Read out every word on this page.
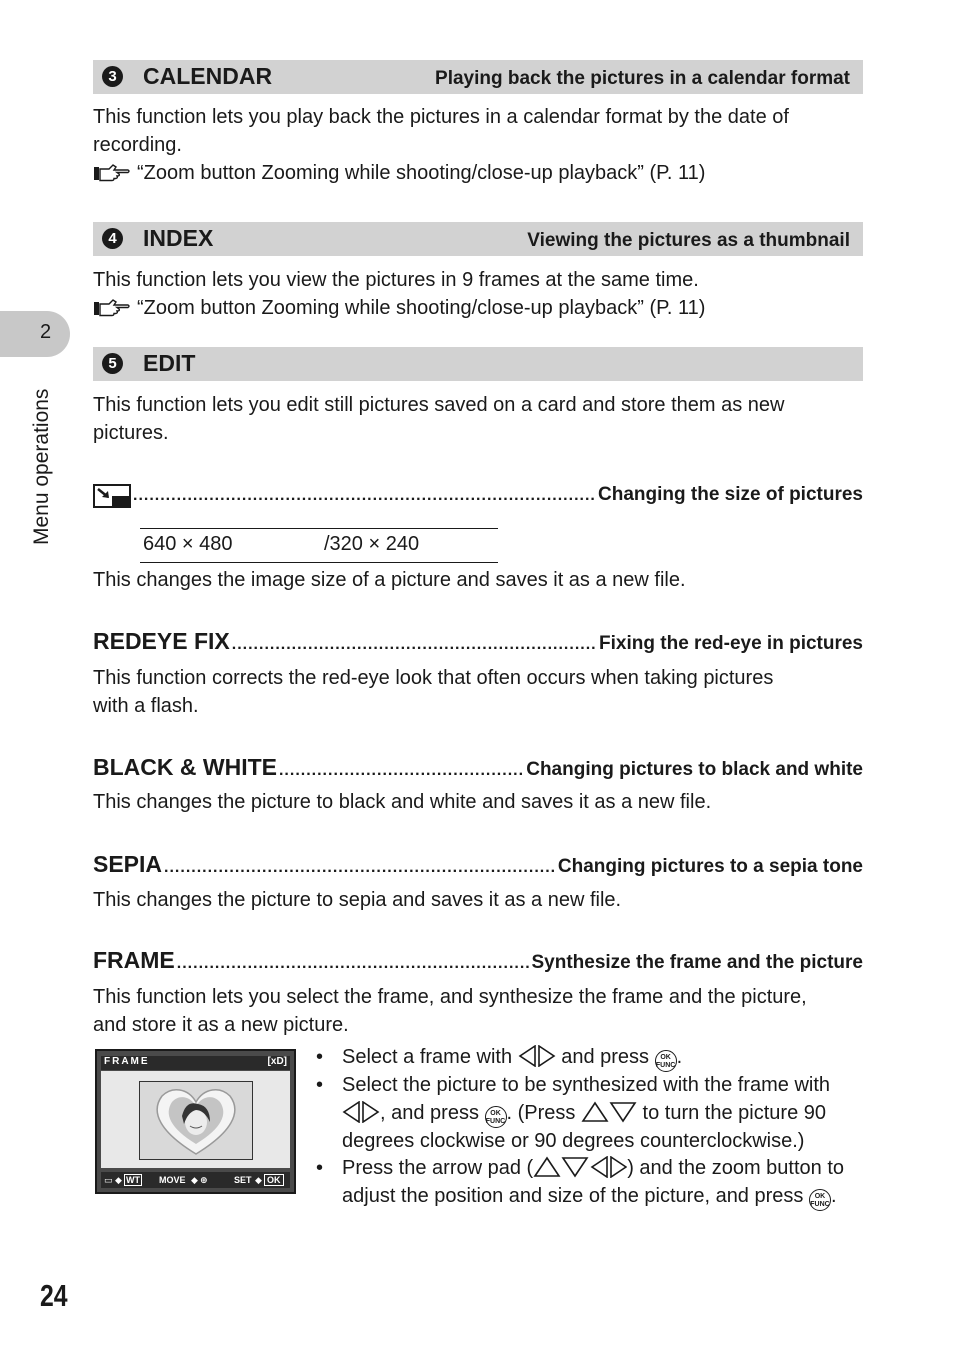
2
Menu operations
3 CALENDAR	Playing back the pictures in a calendar format
This function lets you play back the pictures in a calendar format by the date of
recording.
“Zoom button Zooming while shooting/close-up playback” (P. 11)
4 INDEX	Viewing the pictures as a thumbnail
This function lets you view the pictures in 9 frames at the same time.
“Zoom button Zooming while shooting/close-up playback” (P. 11)
5 EDIT
This function lets you edit still pictures saved on a card and store them as new
pictures.
.....
Changing the size of pictures
640 × 480	/320 × 240
This changes the image size of a picture and saves it as a new file.
REDEYE FIX .....	Fixing the red-eye in pictures
This function corrects the red-eye look that often occurs when taking pictures
with a flash.
BLACK & WHITE .....	Changing pictures to black and white
This changes the picture to black and white and saves it as a new file.
SEPIA .....	Changing pictures to a sepia tone
This changes the picture to sepia and saves it as a new file.
FRAME .....	Synthesize the frame and the picture
This function lets you select the frame, and synthesize the frame and the picture,
and store it as a new picture.
FRAME	[xD]
▭ ◆ WT MOVE ◆ ⊕	SET ◆ OK
• Select a frame with and press OK
FUNC.
• Select the picture to be synthesized with the frame with
, and press OK
FUNC. (Press	to turn the picture 90
degrees clockwise or 90 degrees counterclockwise.)
• Press the arrow pad (	) and the zoom button to
adjust the position and size of the picture, and press OK
FUNC.
24
